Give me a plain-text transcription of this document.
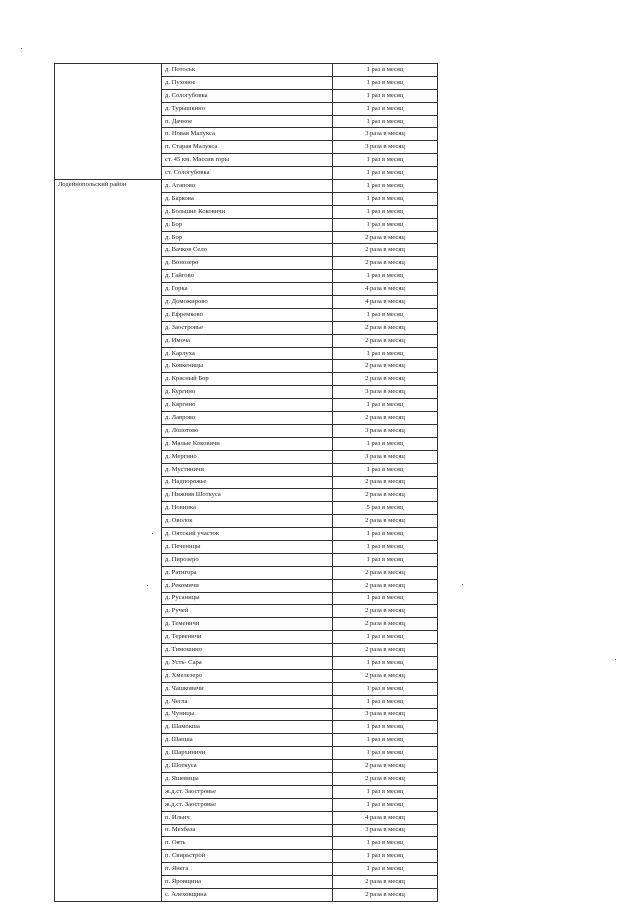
	д. Потоськ	1 раз в месяц
	д. Пуховое	1 раз в месяц
	д. Сологубовка	1 раз в месяц
	д. Турышкино	1 раз в месяц
	п. Дачное	1 раз в месяц
	п. Новая Малукса	3 раза в месяц
	п. Старая Малукса	3 раза в месяц
	ст. 45 км. Массив горы	1 раз в месяц
	ст. Сологубовка	1 раз в месяц
Лодейнопольский район	д. Агапово	1 раз в месяц
	д. Баркова	1 раз в месяц
	д. Большие Коковичи	1 раз в месяц
	д. Бор	1 раз в месяц
	д. Бор	2 раза в месяц
	д. Вачков Село	2 раза в месяц
	д. Вонозеро	2 раза в месяц
	д. Гайгово	1 раз в месяц
	д. Горка	4 раза в месяц
	д. Доможирово	4 раза в месяц
	д. Ефремково	1 раз в месяц
	д. Заостровье	2 раза в месяц
	д. Имоча	2 раза в месяц
	д. Карлуха	1 раз в месяц
	д. Ковкеницы	2 раза в месяц
	д. Красный Бор	2 раза в месяц
	д. Кургино	3 раза в месяц
	д. Кяргино	1 раз в месяц
	д. Лаврово	2 раза в месяц
	д. Лопотово	3 раза в месяц
	д. Малые Коковичи	1 раз в месяц
	д. Мергино	3 раза в месяц
	д. Мустиничи	1 раз в месяц
	д. Надпорожье	2 раза в месяц
	д. Нижняя Шоткуса	2 раза в месяц
	д. Новинка	5 раз в месяц
	д. Оволок	2 раза в месяц
	д. Оятский участок	1 раз в месяц
	д. Печеницы	1 раз в месяц
	д. Пирозеро	1 раз в месяц
	д. Ратигора	2 раза в месяц
	д. Рекомичи	2 раза в месяц
	д. Русаницы	1 раз в месяц
	д. Ручей	2 раза в месяц
	д. Теменичи	2 раза в месяц
	д. Тервеничи	1 раз в месяц
	д. Тимошино	2 раза в месяц
	д. Усть- Сара	1 раз в месяц
	д. Хмелезеро	2 раза в месяц
	д. Чашковичи	1 раз в месяц
	д. Чегла	1 раз в месяц
	д. Чуницы	3 раза в месяц
	д. Шамокша	1 раз в месяц
	д. Шапша	1 раз в месяц
	д. Шархиничи	1 раз в месяц
	д. Шоткуса	2 раза в месяц
	д. Яшевицы	2 раза в месяц
	ж.д.ст. Заостровье	1 раз в месяц
	ж.д.ст. Заостровье	1 раз в месяц
	п. Ильич	4 раза в месяц
	п. Мехбаза	3 раза в месяц
	п. Оять	1 раз в месяц
	п. Свирьстрой	1 раз в месяц
	п. Янега	1 раз в месяц
	п. Яровщина	2 раза в месяц
	с. Алеховщина	2 раза в месяц
